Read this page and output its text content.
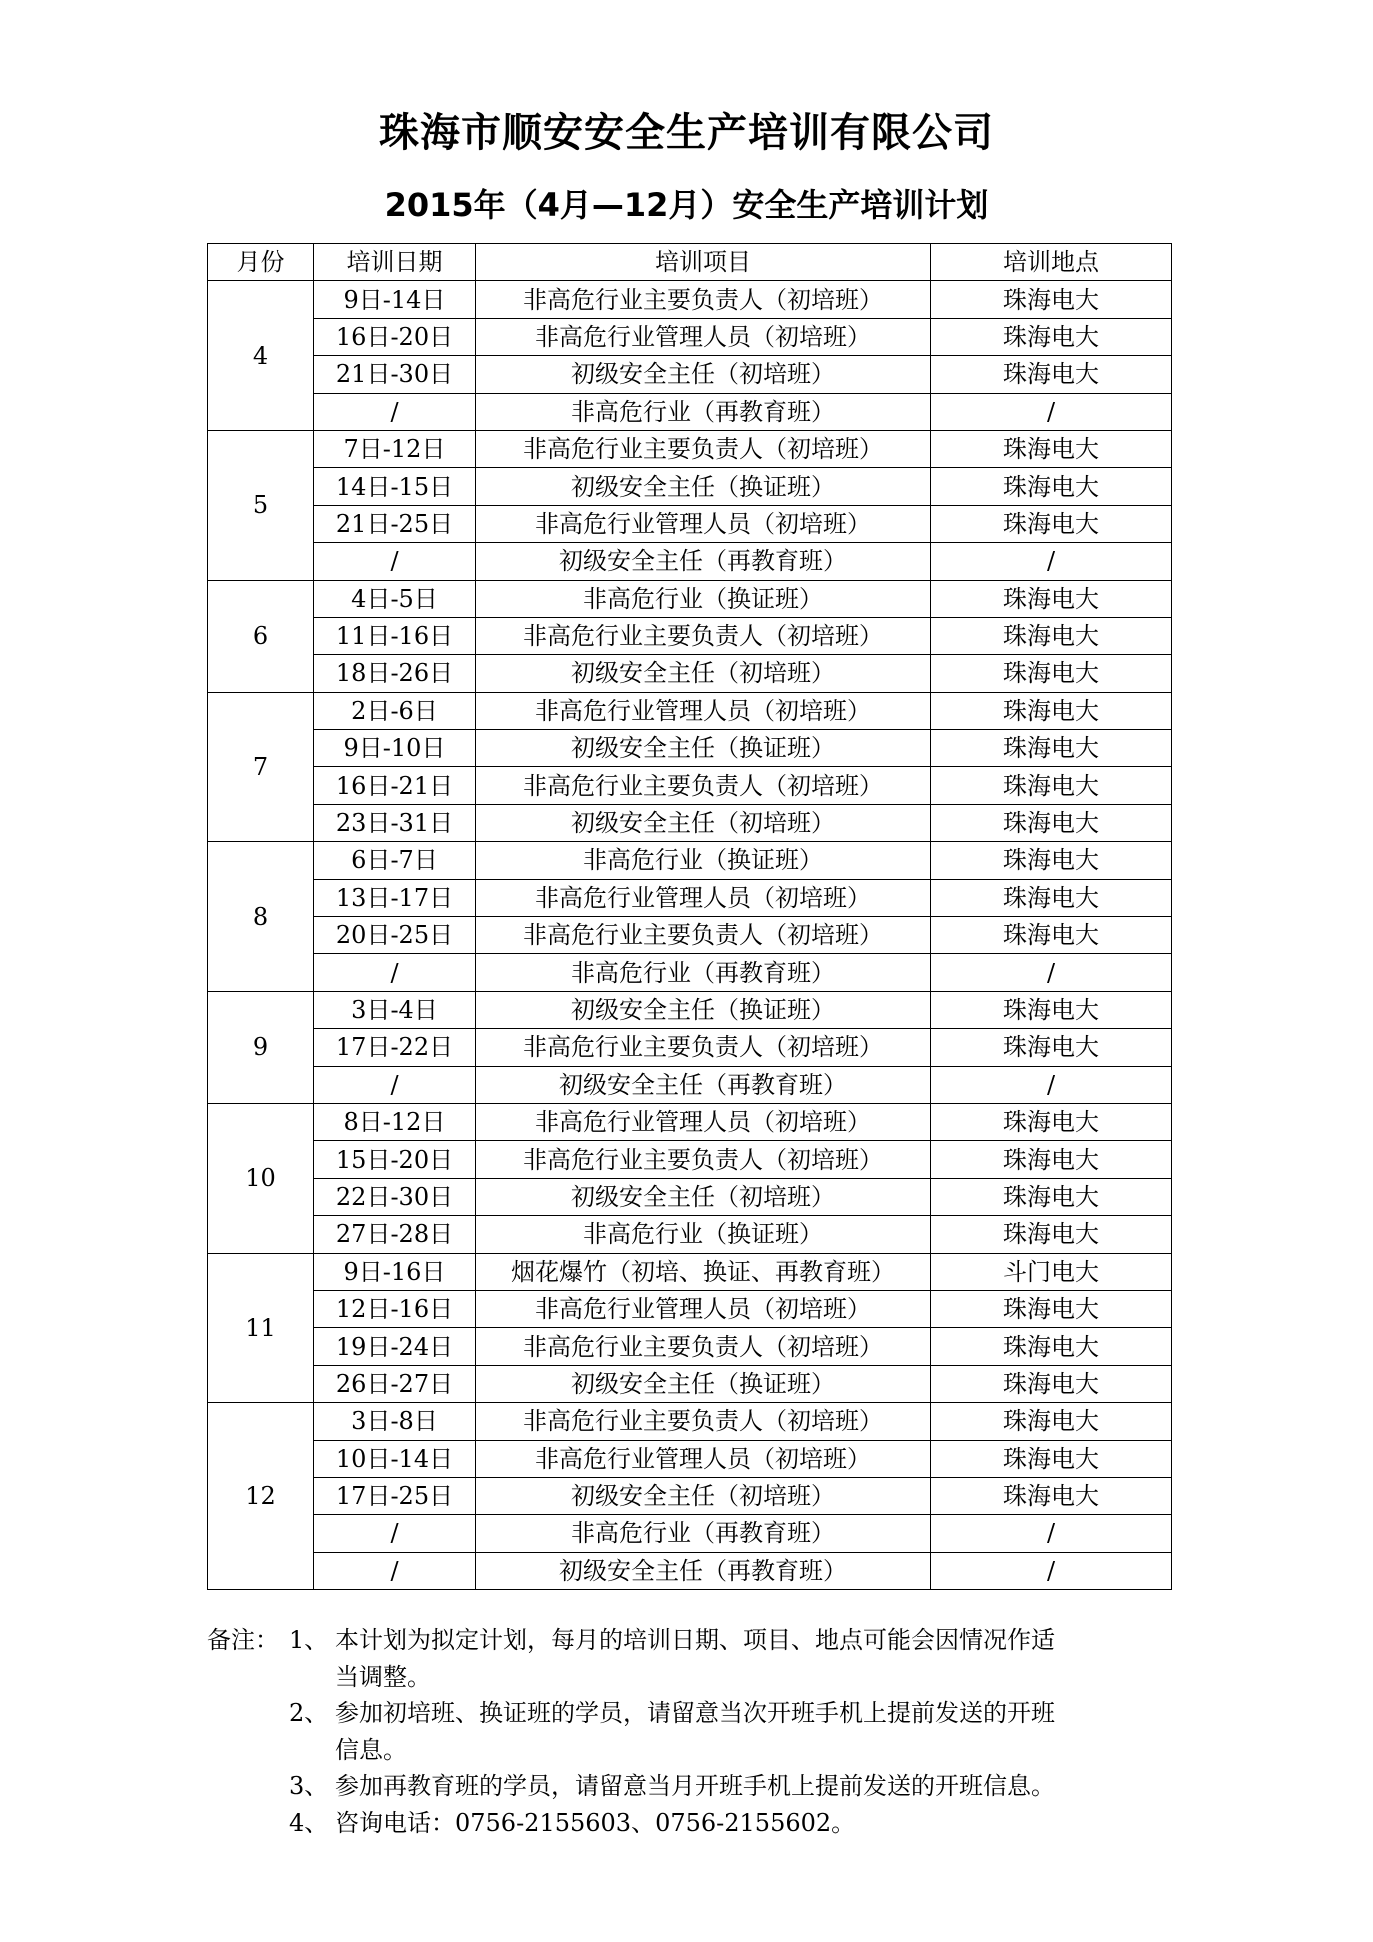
珠海市顺安安全生产培训有限公司
2015年（4月—12月）安全生产培训计划
月份	培训日期	培训项目	培训地点
4	9日-14日	非高危行业主要负责人（初培班）	珠海电大
	16日-20日	非高危行业管理人员（初培班）	珠海电大
	21日-30日	初级安全主任（初培班）	珠海电大
	/	非高危行业（再教育班）	/
5	7日-12日	非高危行业主要负责人（初培班）	珠海电大
	14日-15日	初级安全主任（换证班）	珠海电大
	21日-25日	非高危行业管理人员（初培班）	珠海电大
	/	初级安全主任（再教育班）	/
6	4日-5日	非高危行业（换证班）	珠海电大
	11日-16日	非高危行业主要负责人（初培班）	珠海电大
	18日-26日	初级安全主任（初培班）	珠海电大
7	2日-6日	非高危行业管理人员（初培班）	珠海电大
	9日-10日	初级安全主任（换证班）	珠海电大
	16日-21日	非高危行业主要负责人（初培班）	珠海电大
	23日-31日	初级安全主任（初培班）	珠海电大
8	6日-7日	非高危行业（换证班）	珠海电大
	13日-17日	非高危行业管理人员（初培班）	珠海电大
	20日-25日	非高危行业主要负责人（初培班）	珠海电大
	/	非高危行业（再教育班）	/
9	3日-4日	初级安全主任（换证班）	珠海电大
	17日-22日	非高危行业主要负责人（初培班）	珠海电大
	/	初级安全主任（再教育班）	/
10	8日-12日	非高危行业管理人员（初培班）	珠海电大
	15日-20日	非高危行业主要负责人（初培班）	珠海电大
	22日-30日	初级安全主任（初培班）	珠海电大
	27日-28日	非高危行业（换证班）	珠海电大
11	9日-16日	烟花爆竹（初培、换证、再教育班）	斗门电大
	12日-16日	非高危行业管理人员（初培班）	珠海电大
	19日-24日	非高危行业主要负责人（初培班）	珠海电大
	26日-27日	初级安全主任（换证班）	珠海电大
12	3日-8日	非高危行业主要负责人（初培班）	珠海电大
	10日-14日	非高危行业管理人员（初培班）	珠海电大
	17日-25日	初级安全主任（初培班）	珠海电大
	/	非高危行业（再教育班）	/
	/	初级安全主任（再教育班）	/
备注： 1、 本计划为拟定计划，每月的培训日期、项目、地点可能会因情况作适
当调整。
2、 参加初培班、换证班的学员，请留意当次开班手机上提前发送的开班
信息。
3、 参加再教育班的学员，请留意当月开班手机上提前发送的开班信息。
4、 咨询电话：0756-2155603、0756-2155602。
